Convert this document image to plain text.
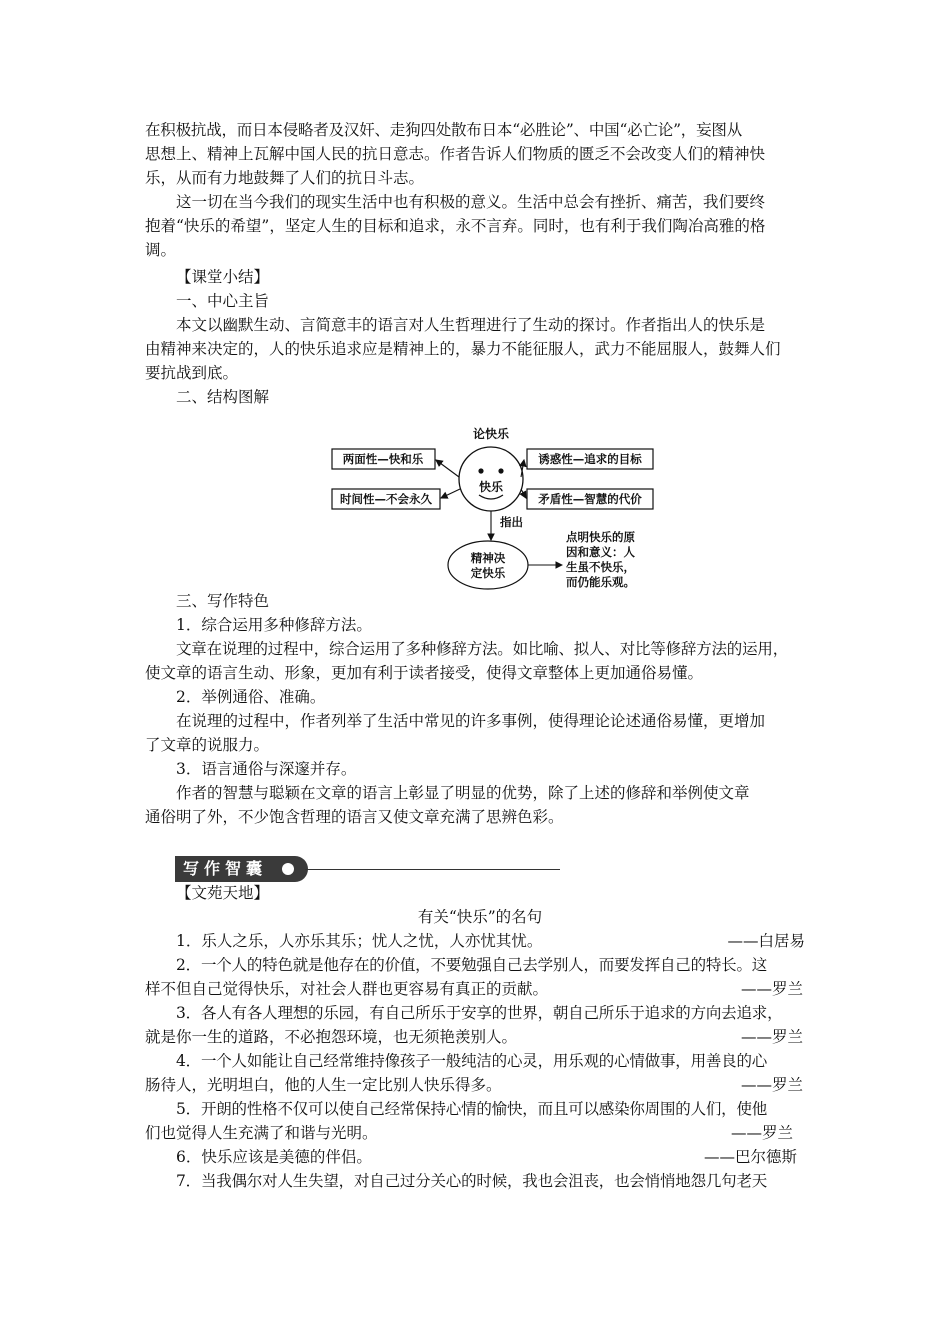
在积极抗战，而日本侵略者及汉奸、走狗四处散布日本“必胜论”、中国“必亡论”，妄图从
思想上、精神上瓦解中国人民的抗日意志。作者告诉人们物质的匮乏不会改变人们的精神快
乐，从而有力地鼓舞了人们的抗日斗志。

这一切在当今我们的现实生活中也有积极的意义。生活中总会有挫折、痛苦，我们要终
抱着“快乐的希望”，坚定人生的目标和追求，永不言弃。同时，也有利于我们陶冶高雅的格
调。

【课堂小结】

一、中心主旨

本文以幽默生动、言简意丰的语言对人生哲理进行了生动的探讨。作者指出人的快乐是
由精神来决定的，人的快乐追求应是精神上的，暴力不能征服人，武力不能屈服人，鼓舞人们
要抗战到底。

二、结构图解

三、写作特色

1．综合运用多种修辞方法。

文章在说理的过程中，综合运用了多种修辞方法。如比喻、拟人、对比等修辞方法的运用，
使文章的语言生动、形象，更加有利于读者接受，使得文章整体上更加通俗易懂。

2．举例通俗、准确。

在说理的过程中，作者列举了生活中常见的许多事例，使得理论论述通俗易懂，更增加
了文章的说服力。

3．语言通俗与深邃并存。

作者的智慧与聪颖在文章的语言上彰显了明显的优势，除了上述的修辞和举例使文章
通俗明了外，不少饱含哲理的语言又使文章充满了思辨色彩。

【文苑天地】

有关“快乐”的名句

1．乐人之乐，人亦乐其乐；忧人之忧，人亦忧其忧。	——白居易
2．一个人的特色就是他存在的价值，不要勉强自己去学别人，而要发挥自己的特长。这
样不但自己觉得快乐，对社会人群也更容易有真正的贡献。	——罗兰
3．各人有各人理想的乐园，有自己所乐于安享的世界，朝自己所乐于追求的方向去追求，
就是你一生的道路，不必抱怨环境，也无须艳羡别人。	——罗兰
4．一个人如能让自己经常维持像孩子一般纯洁的心灵，用乐观的心情做事，用善良的心
肠待人，光明坦白，他的人生一定比别人快乐得多。	——罗兰
5．开朗的性格不仅可以使自己经常保持心情的愉快，而且可以感染你周围的人们，使他
们也觉得人生充满了和谐与光明。	——罗兰
6．快乐应该是美德的伴侣。	——巴尔德斯
7．当我偶尔对人生失望，对自己过分关心的时候，我也会沮丧，也会悄悄地怨几句老天
论快乐
两面性—快和乐
时间性—不会永久
诱惑性—追求的目标
矛盾性—智慧的代价
快乐
指出
精神决
定快乐
点明快乐的原
因和意义：人
生虽不快乐，
而仍能乐观。
写作智囊
